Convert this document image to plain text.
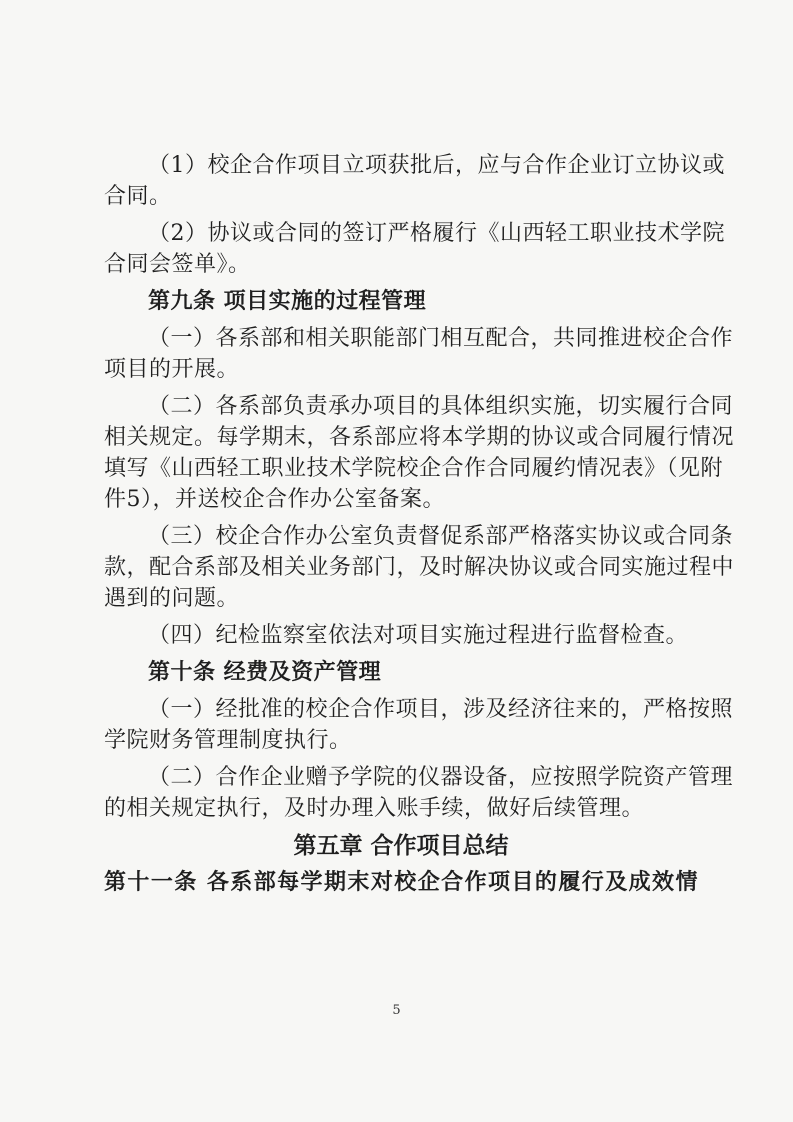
（1）校企合作项目立项获批后，应与合作企业订立协议或
合同。
（2）协议或合同的签订严格履行《山西轻工职业技术学院
合同会签单》。
第九条 项目实施的过程管理
（一）各系部和相关职能部门相互配合，共同推进校企合作
项目的开展。
（二）各系部负责承办项目的具体组织实施，切实履行合同
相关规定。每学期末，各系部应将本学期的协议或合同履行情况
填写《山西轻工职业技术学院校企合作合同履约情况表》（见附
件5），并送校企合作办公室备案。
（三）校企合作办公室负责督促系部严格落实协议或合同条
款，配合系部及相关业务部门，及时解决协议或合同实施过程中
遇到的问题。
（四）纪检监察室依法对项目实施过程进行监督检查。
第十条 经费及资产管理
（一）经批准的校企合作项目，涉及经济往来的，严格按照
学院财务管理制度执行。
（二）合作企业赠予学院的仪器设备，应按照学院资产管理
的相关规定执行，及时办理入账手续，做好后续管理。
第五章 合作项目总结
第十一条 各系部每学期末对校企合作项目的履行及成效情
5
